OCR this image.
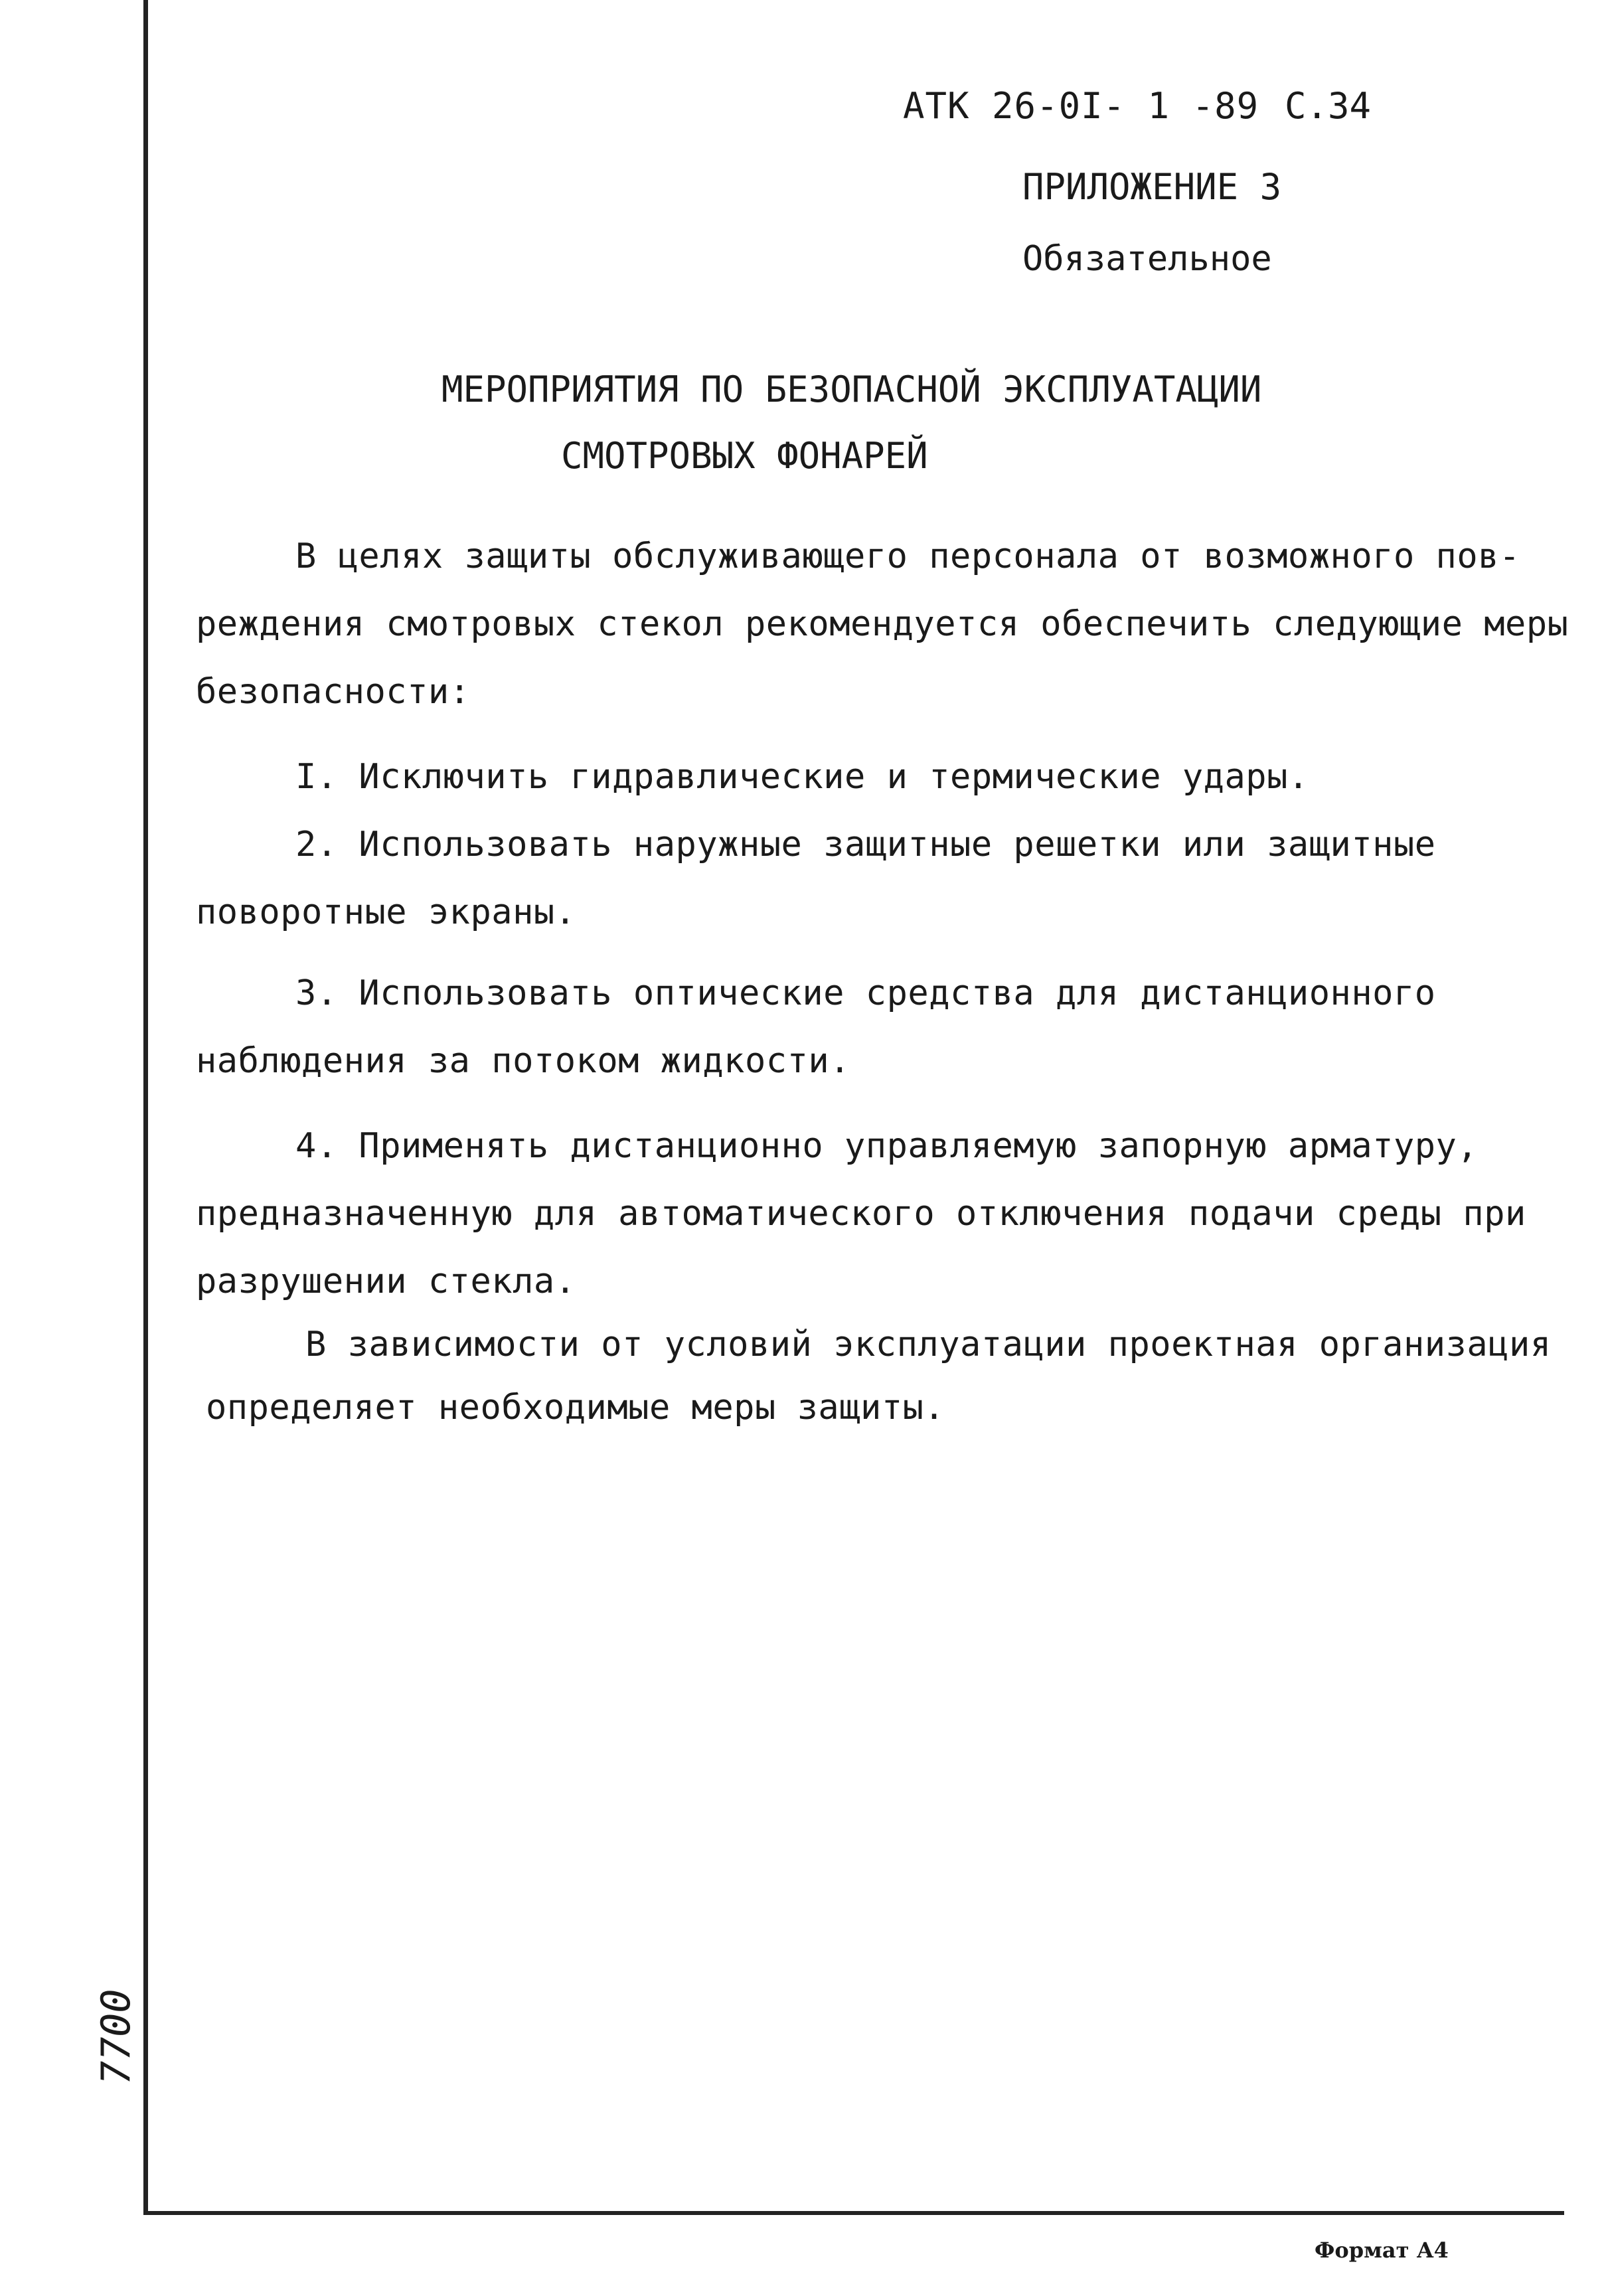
АТК 26-0I- 1 -89 С.34
ПРИЛОЖЕНИЕ 3
Обязательное
МЕРОПРИЯТИЯ ПО БЕЗОПАСНОЙ ЭКСПЛУАТАЦИИ
СМОТРОВЫХ ФОНАРЕЙ
В целях защиты обслуживающего персонала от возможного пов-
реждения смотровых стекол рекомендуется обеспечить следующие меры
безопасности:
I. Исключить гидравлические и термические удары.
2. Использовать наружные защитные решетки или защитные
поворотные экраны.
3. Использовать оптические средства для дистанционного
наблюдения за потоком жидкости.
4. Применять дистанционно управляемую запорную арматуру,
предназначенную для автоматического отключения подачи среды при
разрушении стекла.
В зависимости от условий эксплуатации проектная организация
определяет необходимые меры защиты.
7700
Формат А4
